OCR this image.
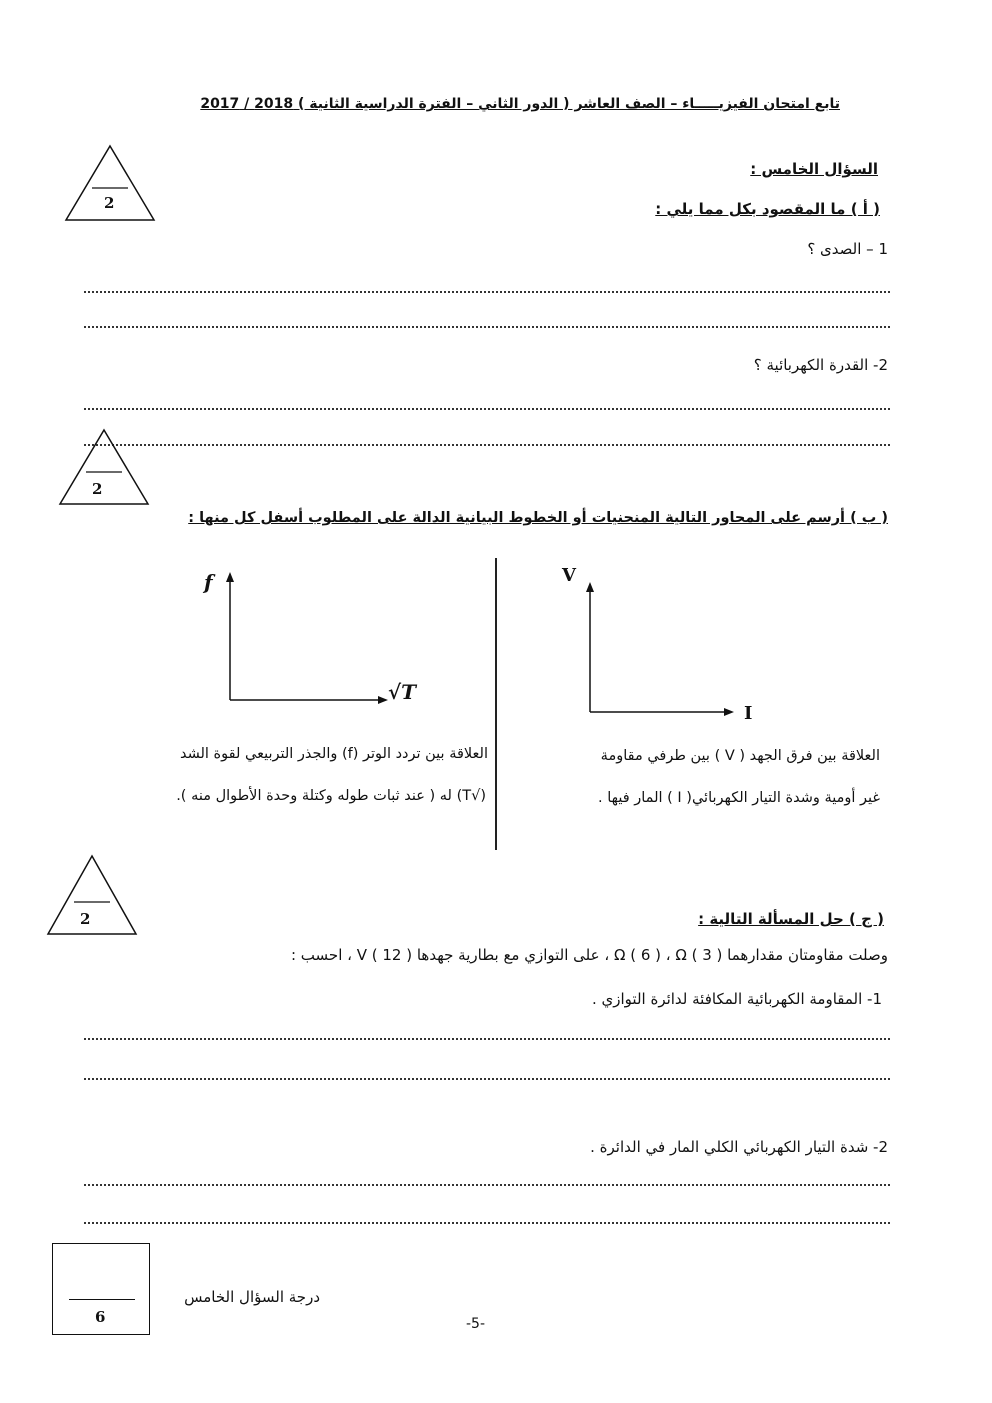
تابع امتحان الفيزيـــــاء – الصف العاشر ( الدور الثاني – الفترة الدراسية الثانية ) 2018 / 2017
2
السؤال الخامس :
( أ ) ما المقصود بكل مما يلي :
1 – الصدى ؟
2- القدرة الكهربائية ؟
2
( ب ) أرسم على المحاور التالية المنحنيات أو الخطوط البيانية الدالة على المطلوب أسفل كل منها :
f
√T
V
I
العلاقة بين فرق الجهد ( V ) بين طرفي مقاومة
غير أومية وشدة التيار الكهربائي( I ) المار فيها .
العلاقة بين تردد الوتر (f) والجذر التربيعي لقوة الشد
(√T) له ( عند ثبات طوله وكتلة وحدة الأطوال منه ).
2	( ج ) حل المسألة التالية :
وصلت مقاومتان مقدارهما Ω ( 6 ) ، Ω ( 3 ) ، على التوازي مع بطارية جهدها V ( 12 ) ، احسب :
1- المقاومة الكهربائية المكافئة لدائرة التوازي .
2- شدة التيار الكهربائي الكلي المار في الدائرة .
6
درجة السؤال الخامس
-5-
